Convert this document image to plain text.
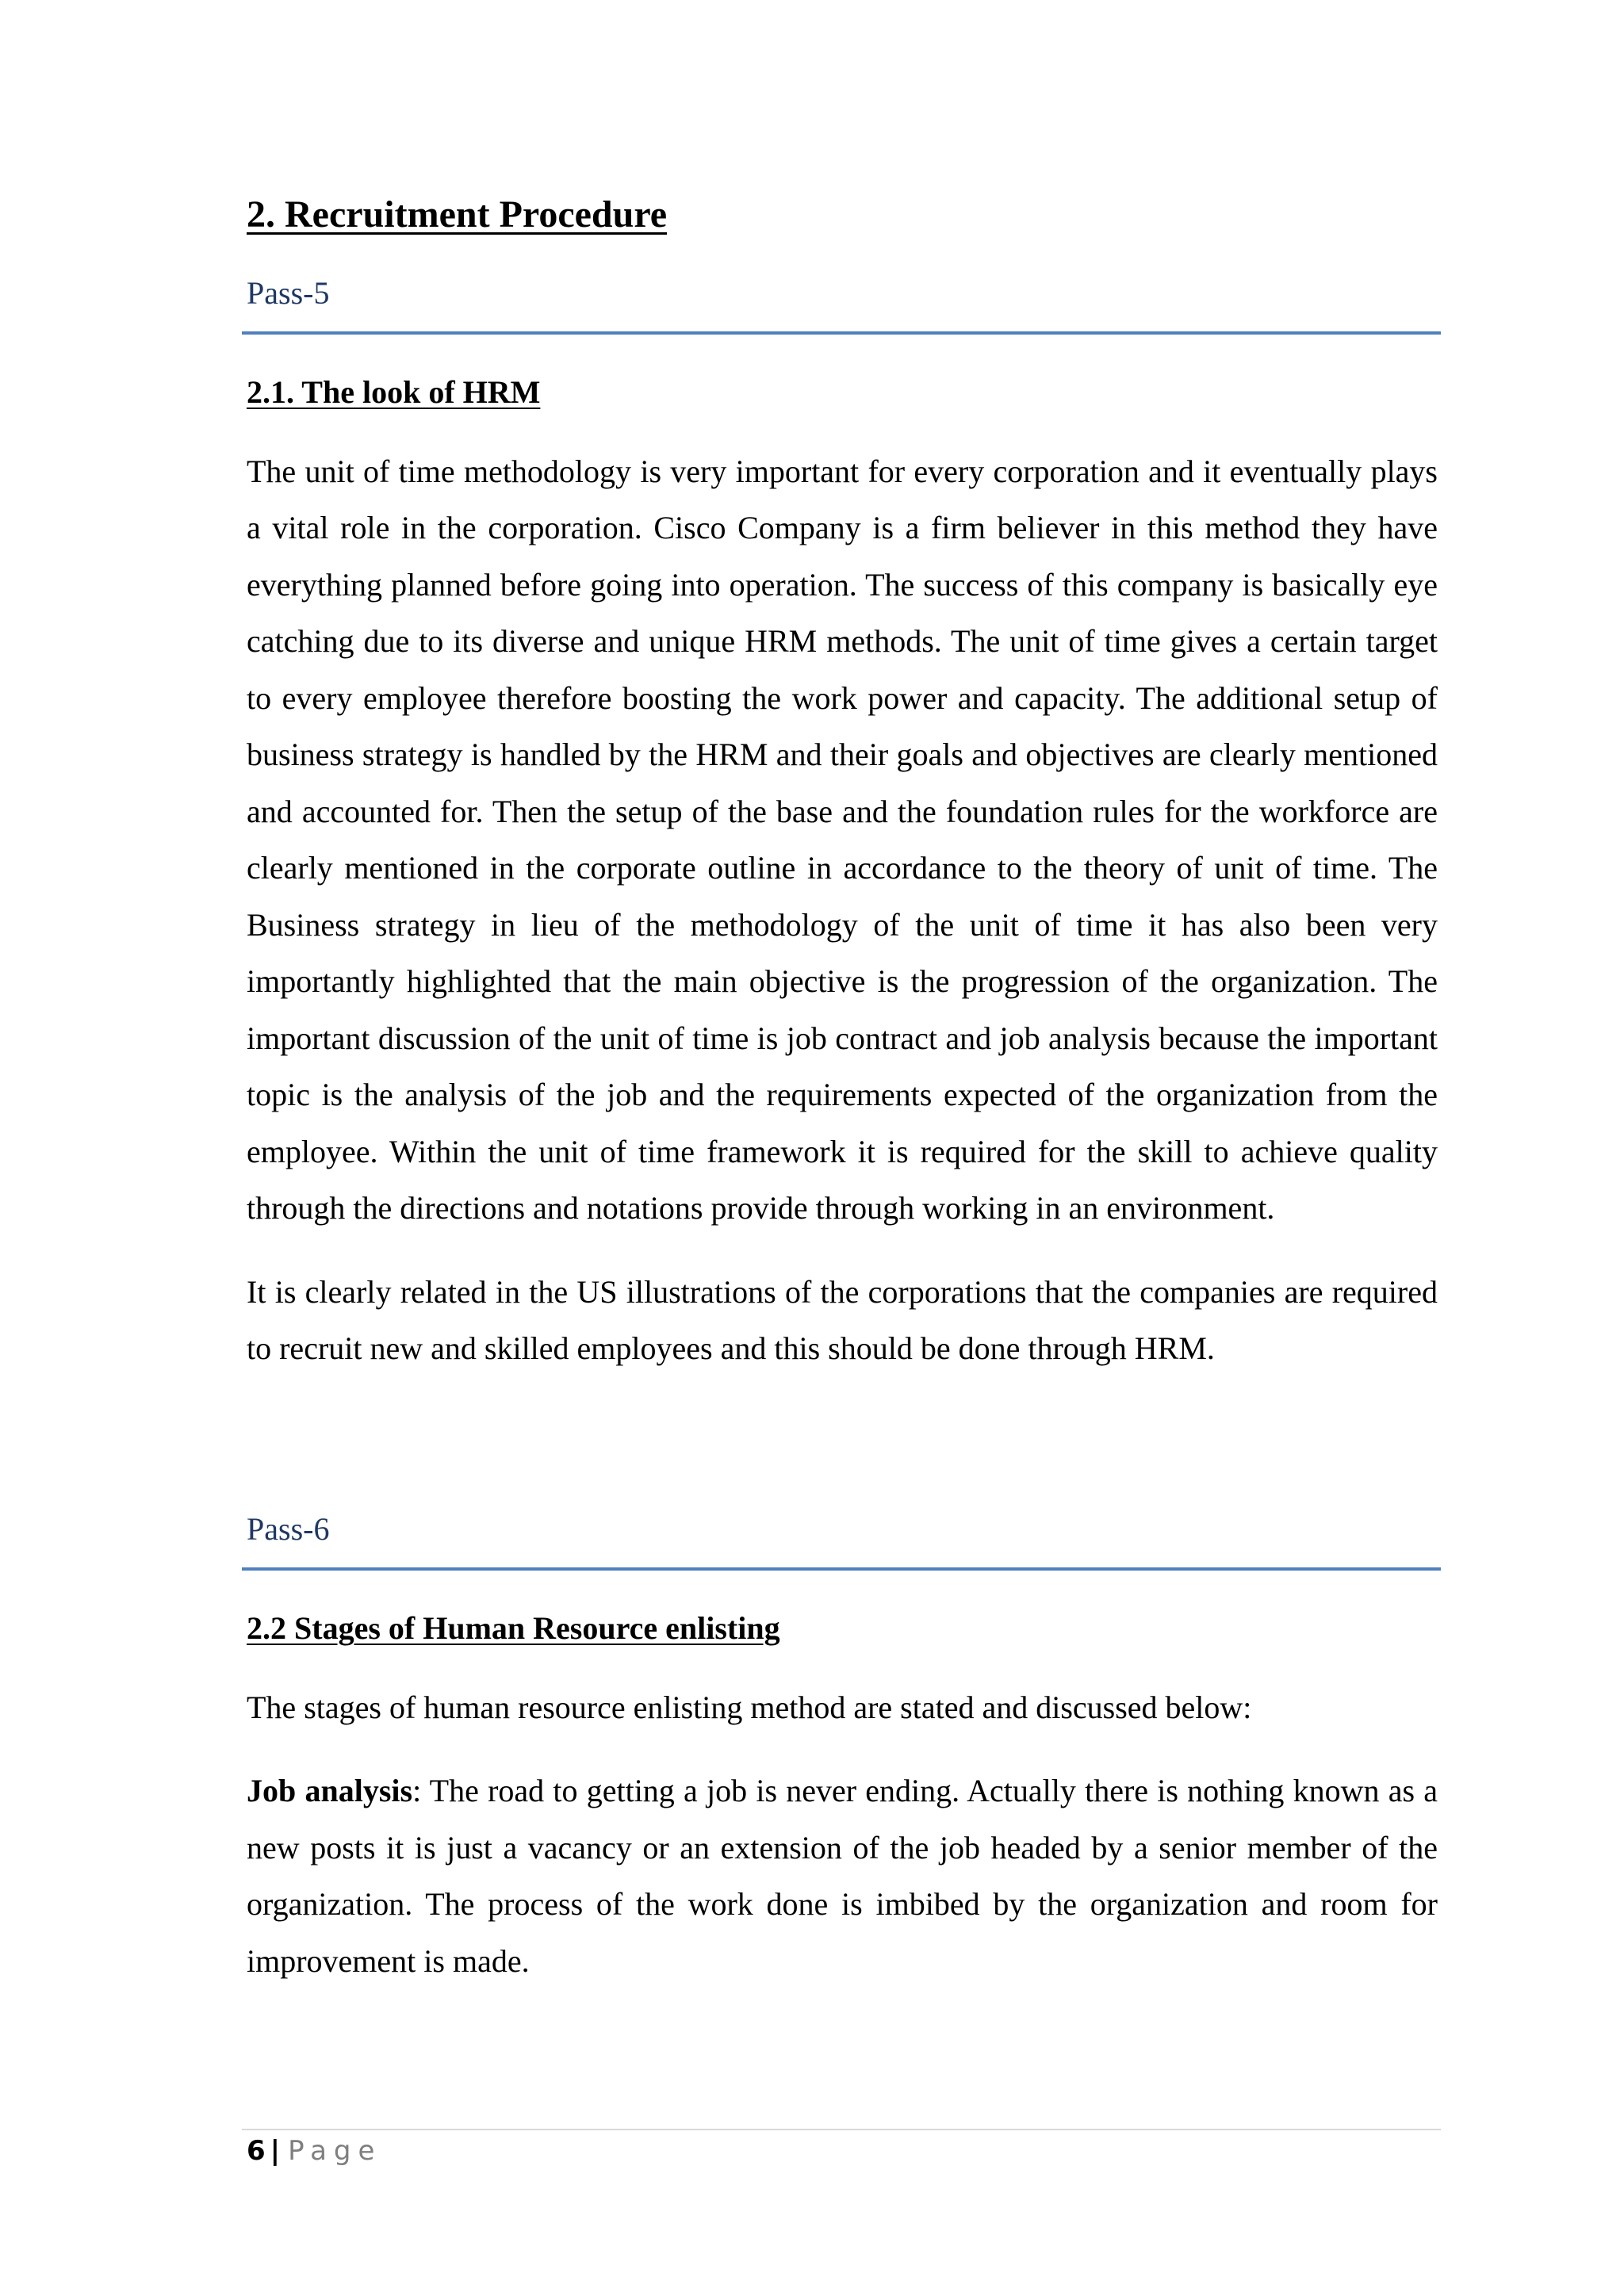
2. Recruitment Procedure
Pass-5
2.1. The look of HRM

The unit of time methodology is very important for every corporation and it eventually plays a vital role in the corporation. Cisco Company is a firm believer in this method they have everything planned before going into operation. The success of this company is basically eye catching due to its diverse and unique HRM methods. The unit of time gives a certain target to every employee therefore boosting the work power and capacity. The additional setup of business strategy is handled by the HRM and their goals and objectives are clearly mentioned and accounted for. Then the setup of the base and the foundation rules for the workforce are clearly mentioned in the corporate outline in accordance to the theory of unit of time. The Business strategy in lieu of the methodology of the unit of time it has also been very importantly highlighted that the main objective is the progression of the organization. The important discussion of the unit of time is job contract and job analysis because the important topic is the analysis of the job and the requirements expected of the organization from the employee. Within the unit of time framework it is required for the skill to achieve quality through the directions and notations provide through working in an environment.

It is clearly related in the US illustrations of the corporations that the companies are required to recruit new and skilled employees and this should be done through HRM.

Pass-6
2.2 Stages of Human Resource enlisting

The stages of human resource enlisting method are stated and discussed below:

Job analysis: The road to getting a job is never ending. Actually there is nothing known as a new posts it is just a vacancy or an extension of the job headed by a senior member of the organization. The process of the work done is imbibed by the organization and room for improvement is made.

6 | Page
